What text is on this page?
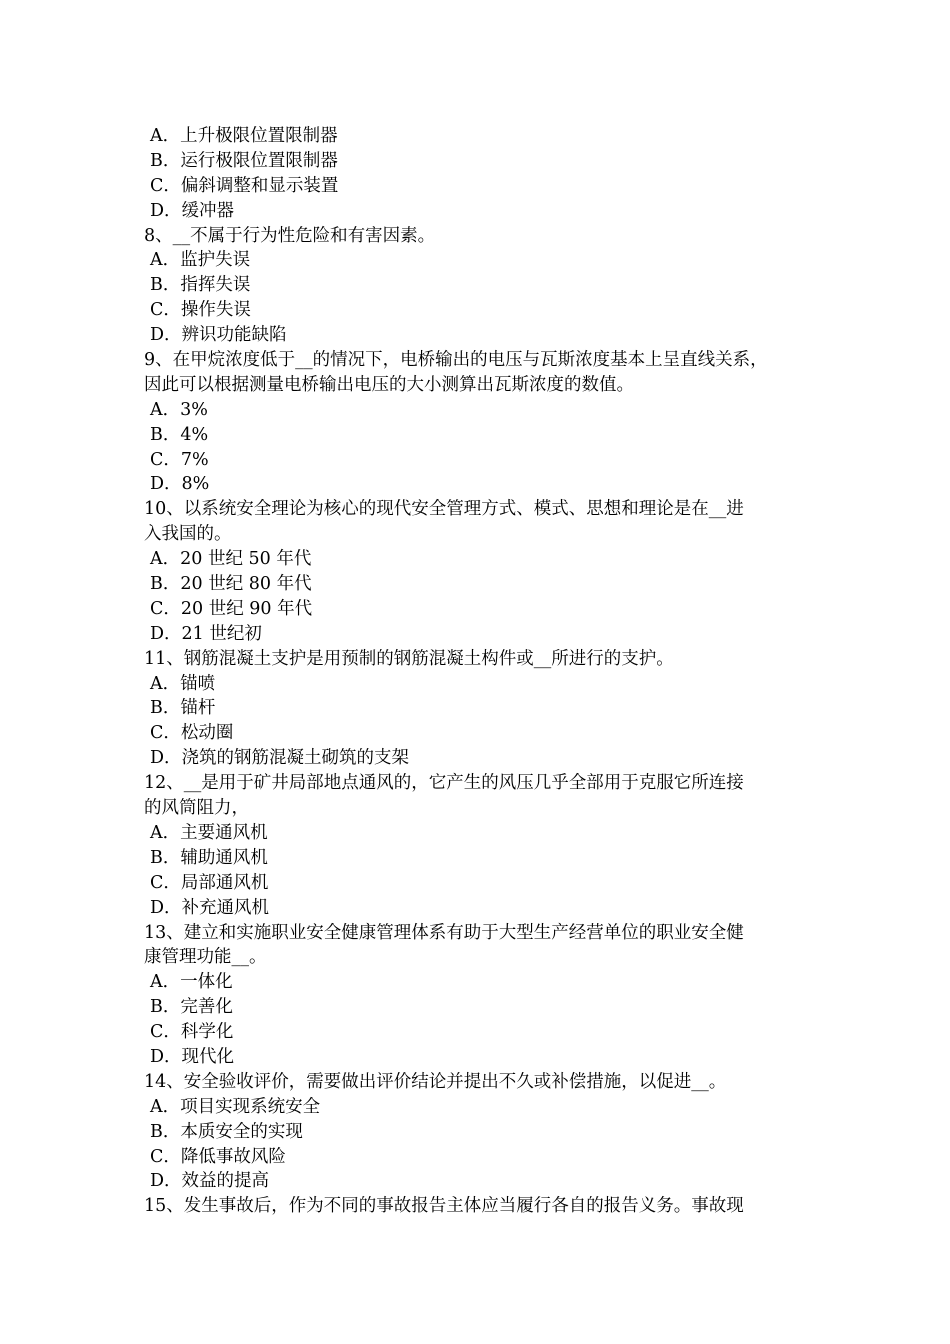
A．上升极限位置限制器
B．运行极限位置限制器
C．偏斜调整和显示装置
D．缓冲器
8、__不属于行为性危险和有害因素。
A．监护失误
B．指挥失误
C．操作失误
D．辨识功能缺陷
9、在甲烷浓度低于__的情况下，电桥输出的电压与瓦斯浓度基本上呈直线关系，
因此可以根据测量电桥输出电压的大小测算出瓦斯浓度的数值。
A．3%
B．4%
C．7%
D．8%
10、以系统安全理论为核心的现代安全管理方式、模式、思想和理论是在__进
入我国的。
A．20 世纪 50 年代
B．20 世纪 80 年代
C．20 世纪 90 年代
D．21 世纪初
11、钢筋混凝土支护是用预制的钢筋混凝土构件或__所进行的支护。
A．锚喷
B．锚杆
C．松动圈
D．浇筑的钢筋混凝土砌筑的支架
12、__是用于矿井局部地点通风的，它产生的风压几乎全部用于克服它所连接
的风筒阻力，
A．主要通风机
B．辅助通风机
C．局部通风机
D．补充通风机
13、建立和实施职业安全健康管理体系有助于大型生产经营单位的职业安全健
康管理功能__。
A．一体化
B．完善化
C．科学化
D．现代化
14、安全验收评价，需要做出评价结论并提出不久或补偿措施，以促进__。
A．项目实现系统安全
B．本质安全的实现
C．降低事故风险
D．效益的提高
15、发生事故后，作为不同的事故报告主体应当履行各自的报告义务。事故现
